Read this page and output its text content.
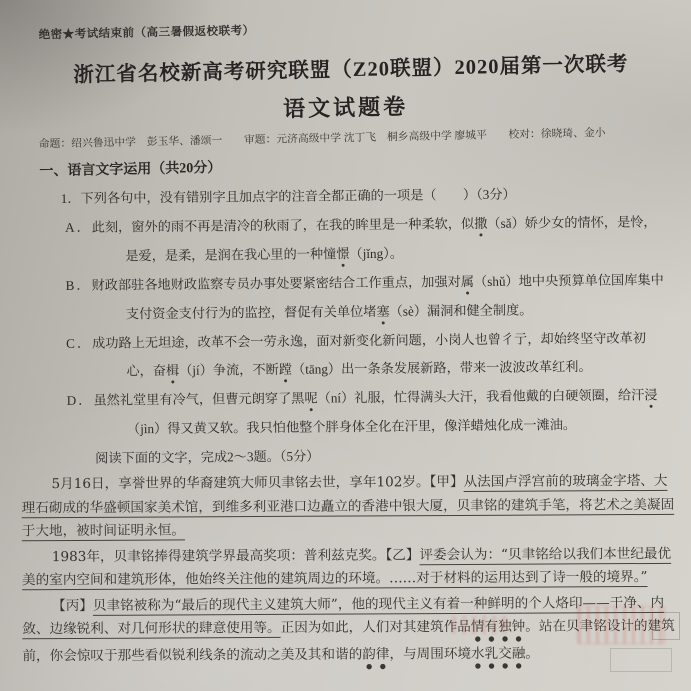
绝密★考试结束前（高三暑假返校联考）
浙江省名校新高考研究联盟（Z20联盟）2020届第一次联考
语文试题卷
命题：绍兴鲁迅中学　彭玉华、潘颂一　　审题：元济高级中学 沈丁飞　桐乡高级中学 廖城平　　校对：徐晓琦、金小
一、语言文字运用（共20分）
1．下列各句中，没有错别字且加点字的注音全都正确的一项是（　　）（3分）

A．此刻，窗外的雨不再是清冷的秋雨了，在我的眸里是一种柔软，似撒（sǎ）娇少女的情怀，是怜，是爱，是柔，是润在我心里的一种憧憬（jǐng）。

B．财政部驻各地财政监察专员办事处要紧密结合工作重点，加强对属（shǔ）地中央预算单位国库集中支付资金支付行为的监控，督促有关单位堵塞（sè）漏洞和健全制度。

C．成功路上无坦途，改革不会一劳永逸，面对新变化新问题，小岗人也曾彳亍，却始终坚守改革初心，奋楫（jí）争流，不断蹚（tāng）出一条条发展新路，带来一波波改革红利。

D．虽然礼堂里有冷气，但曹元朗穿了黑呢（ní）礼服，忙得满头大汗，我看他戴的白硬领圈，给汗浸（jìn）得又黄又软。我只怕他整个胖身体全化在汗里，像洋蜡烛化成一滩油。

阅读下面的文字，完成2～3题。（5分）

5月16日，享誉世界的华裔建筑大师贝聿铭去世，享年102岁。【甲】从法国卢浮宫前的玻璃金字塔、大理石砌成的华盛顿国家美术馆，到维多利亚港口边矗立的香港中银大厦，贝聿铭的建筑手笔，将艺术之美凝固于大地，被时间证明永恒。

1983年，贝聿铭捧得建筑学界最高奖项：普利兹克奖。【乙】评委会认为：“贝聿铭给以我们本世纪最优美的室内空间和建筑形体，他始终关注他的建筑周边的环境。……对于材料的运用达到了诗一般的境界。”

【丙】贝聿铭被称为“最后的现代主义建筑大师”，他的现代主义有着一种鲜明的个人烙印——干净、内敛、边缘锐利、对几何形状的肆意使用等。正因为如此，人们对其建筑作品情有独钟。站在贝聿铭设计的建筑前，你会惊叹于那些看似锐利线条的流动之美及其和谐的韵律，与周围环境水乳交融。
